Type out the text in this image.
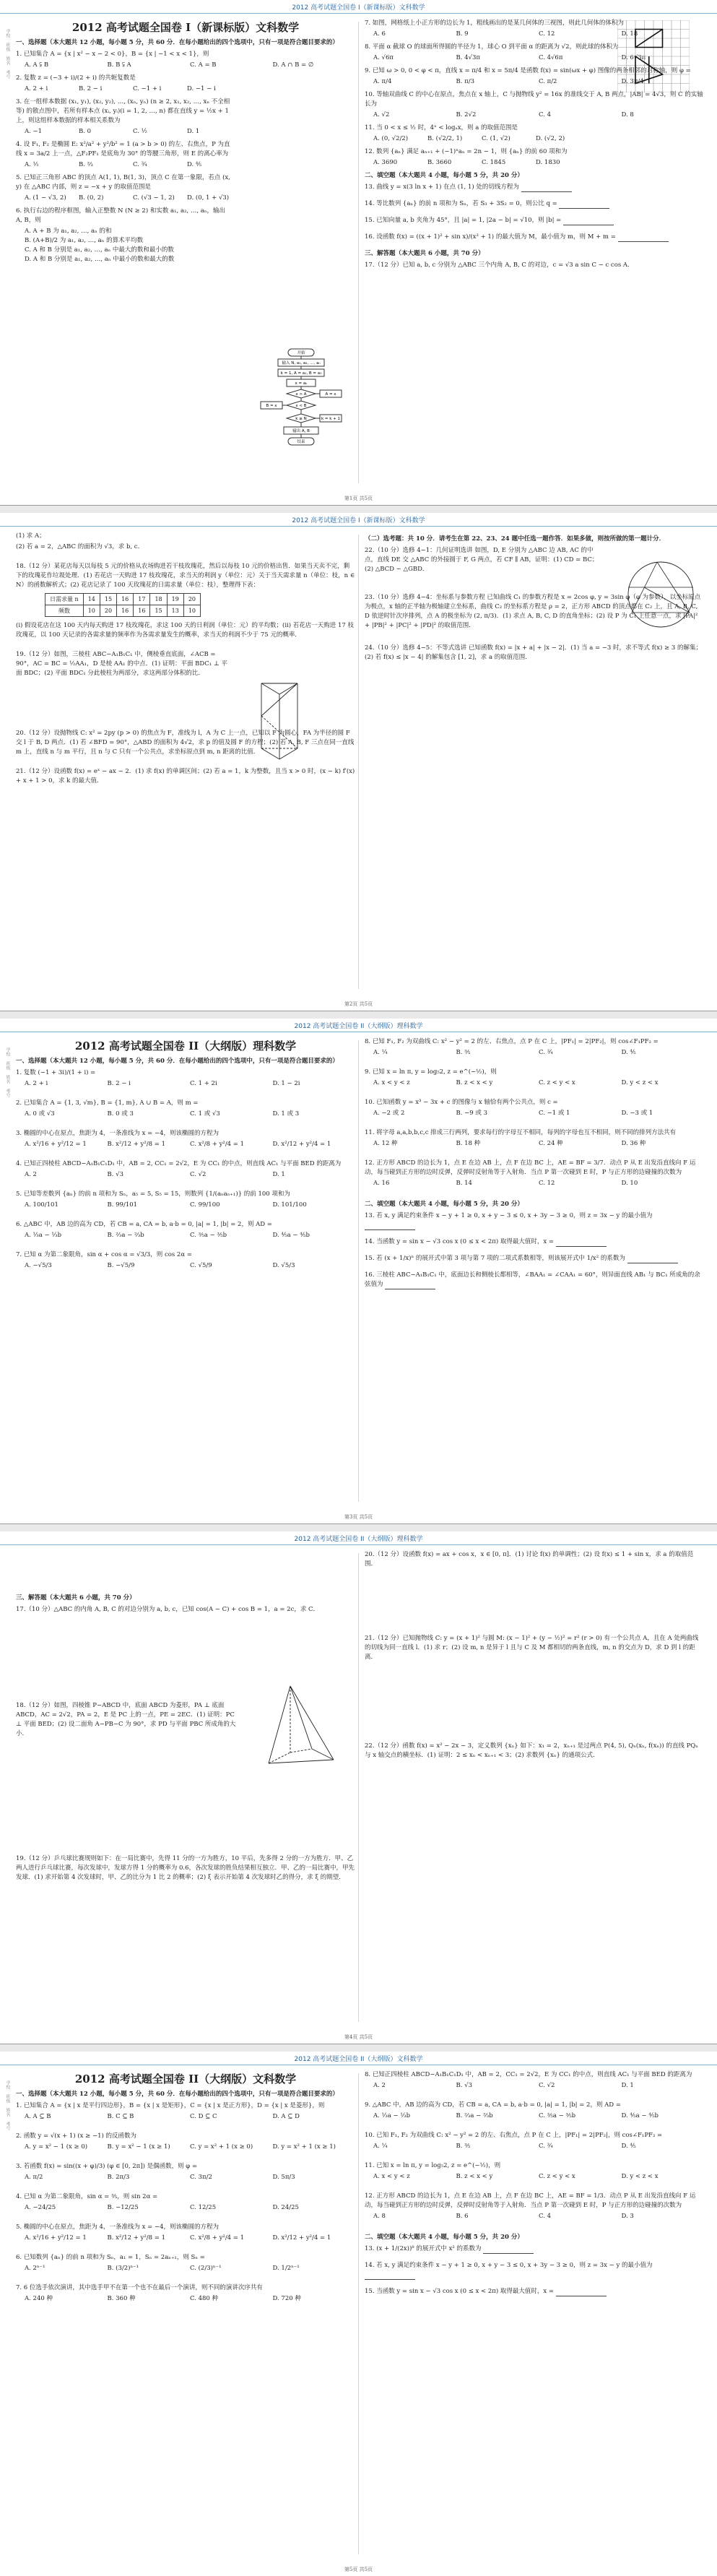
2012 高考试题全国卷 I（新课标版）文科数学
学校 班级 姓名 考号
2012 高考试题全国卷 I（新课标版）文科数学
一、选择题（本大题共 12 小题，每小题 5 分，共 60 分．在每小题给出的四个选项中，只有一项是符合题目要求的）
1. 已知集合 A = {x | x² − x − 2 < 0}，B = {x | −1 < x < 1}，则
A. A ⫋ B	B. B ⫋ A	C. A = B	D. A ∩ B = ∅
2. 复数 z = (−3 + i)/(2 + i) 的共轭复数是
A. 2 + i	B. 2 − i	C. −1 + i	D. −1 − i
3. 在一组样本数据 (x₁, y₁), (x₂, y₂), …, (xₙ, yₙ) (n ≥ 2, x₁, x₂, …, xₙ 不全相等) 的散点图中，若所有样本点 (xᵢ, yᵢ)(i = 1, 2, …, n) 都在直线 y = ½x + 1 上，则这组样本数据的样本相关系数为
A. −1	B. 0	C. ½	D. 1
4. 设 F₁, F₂ 是椭圆 E: x²/a² + y²/b² = 1 (a > b > 0) 的左、右焦点，P 为直线 x = 3a/2 上一点，△F₂PF₁ 是底角为 30° 的等腰三角形，则 E 的离心率为
A. ½	B. ⅔	C. ¾	D. ⅘
5. 已知正三角形 ABC 的顶点 A(1, 1), B(1, 3)，顶点 C 在第一象限，若点 (x, y) 在 △ABC 内部，则 z = −x + y 的取值范围是
A. (1 − √3, 2)	B. (0, 2)	C. (√3 − 1, 2)	D. (0, 1 + √3)
6. 执行右边的程序框图，输入正整数 N (N ≥ 2) 和实数 a₁, a₂, …, aₙ，输出 A, B，则
A. A + B 为 a₁, a₂, …, aₙ 的和
B. (A+B)/2 为 a₁, a₂, …, aₙ 的算术平均数
C. A 和 B 分别是 a₁, a₂, …, aₙ 中最大的数和最小的数
D. A 和 B 分别是 a₁, a₂, …, aₙ 中最小的数和最大的数
开始
输入 N, a₁, a₂, …, aₙ
k = 1, A = a₁, B = a₁
x = aₖ
x > A	A = x
x < B
B = x
k ≥ N	k = k + 1
输出 A, B
结束
7. 如图，网格纸上小正方形的边长为 1，粗线画出的是某几何体的三视图，则此几何体的体积为
A. 6	B. 9	C. 12	D. 18
8. 平面 α 截球 O 的球面所得圆的半径为 1，球心 O 到平面 α 的距离为 √2，则此球的体积为
A. √6π	B. 4√3π	C. 4√6π	D. 6√3π
9. 已知 ω > 0, 0 < φ < π，直线 x = π/4 和 x = 5π/4 是函数 f(x) = sin(ωx + φ) 图像的两条相邻的对称轴，则 φ =
A. π/4	B. π/3	C. π/2	D. 3π/4
10. 等轴双曲线 C 的中心在原点，焦点在 x 轴上，C 与抛物线 y² = 16x 的准线交于 A, B 两点，|AB| = 4√3，则 C 的实轴长为
A. √2	B. 2√2	C. 4	D. 8
11. 当 0 < x ≤ ½ 时，4ˣ < logₐx，则 a 的取值范围是
A. (0, √2/2)	B. (√2/2, 1)	C. (1, √2)	D. (√2, 2)
12. 数列 {aₙ} 满足 aₙ₊₁ + (−1)ⁿaₙ = 2n − 1，则 {aₙ} 的前 60 项和为
A. 3690	B. 3660	C. 1845	D. 1830
二、填空题（本大题共 4 小题，每小题 5 分，共 20 分）
13. 曲线 y = x(3 ln x + 1) 在点 (1, 1) 处的切线方程为
14. 等比数列 {aₙ} 的前 n 项和为 Sₙ，若 S₃ + 3S₂ = 0，则公比 q =
15. 已知向量 a, b 夹角为 45°，且 |a| = 1, |2a − b| = √10，则 |b| =
16. 设函数 f(x) = ((x + 1)² + sin x)/(x² + 1) 的最大值为 M，最小值为 m，则 M + m =
三、解答题（本大题共 6 小题，共 70 分）
17.（12 分）已知 a, b, c 分别为 △ABC 三个内角 A, B, C 的对边，c = √3 a sin C − c cos A．
第1页 共5页
2012 高考试题全国卷 I（新课标版）文科数学
(1) 求 A；
(2) 若 a = 2，△ABC 的面积为 √3，求 b, c．
18.（12 分）某花店每天以每枝 5 元的价格从农场购进若干枝玫瑰花，然后以每枝 10 元的价格出售．如果当天卖不完，剩下的玫瑰花作垃圾处理．(1) 若花店一天购进 17 枝玫瑰花，求当天的利润 y（单位：元）关于当天需求量 n（单位：枝，n ∈ N）的函数解析式；(2) 花店记录了 100 天玫瑰花的日需求量（单位：枝），整理得下表：
日需求量 n	14	15	16	17	18	19	20
频数	10	20	16	16	15	13	10
(i) 假设花店在这 100 天内每天购进 17 枝玫瑰花，求这 100 天的日利润（单位：元）的平均数；(ii) 若花店一天购进 17 枝玫瑰花，以 100 天记录的各需求量的频率作为各需求量发生的概率，求当天的利润不少于 75 元的概率．
19.（12 分）如图，三棱柱 ABC−A₁B₁C₁ 中，侧棱垂直底面，∠ACB = 90°，AC = BC = ½AA₁，D 是棱 AA₁ 的中点．(1) 证明：平面 BDC₁ ⊥ 平面 BDC；(2) 平面 BDC₁ 分此棱柱为两部分，求这两部分体积的比．
20.（12 分）设抛物线 C: x² = 2py (p > 0) 的焦点为 F，准线为 l，A 为 C 上一点，已知以 F 为圆心，FA 为半径的圆 F 交 l 于 B, D 两点．(1) 若 ∠BFD = 90°，△ABD 的面积为 4√2，求 p 的值及圆 F 的方程；(2) 若 A, B, F 三点在同一直线 m 上，直线 n 与 m 平行，且 n 与 C 只有一个公共点，求坐标原点到 m, n 距离的比值．
21.（12 分）设函数 f(x) = eˣ − ax − 2．(1) 求 f(x) 的单调区间；(2) 若 a = 1，k 为整数，且当 x > 0 时，(x − k) f′(x) + x + 1 > 0，求 k 的最大值．
（二）选考题：共 10 分．请考生在第 22、23、24 题中任选一题作答．如果多做，则按所做的第一题计分．
22.（10 分）选修 4−1：几何证明选讲 如图，D, E 分别为 △ABC 边 AB, AC 的中点，直线 DE 交 △ABC 的外接圆于 F, G 两点，若 CF ∥ AB，证明：(1) CD = BC；(2) △BCD ∽ △GBD．
23.（10 分）选修 4−4：坐标系与参数方程 已知曲线 C₁ 的参数方程是 x = 2cos φ, y = 3sin φ（φ 为参数），以坐标原点为极点，x 轴的正半轴为极轴建立坐标系，曲线 C₂ 的坐标系方程是 ρ = 2，正方形 ABCD 的顶点都在 C₂ 上，且 A, B, C, D 依逆时针次序排列，点 A 的极坐标为 (2, π/3)．(1) 求点 A, B, C, D 的直角坐标；(2) 设 P 为 C₁ 上任意一点，求 |PA|² + |PB|² + |PC|² + |PD|² 的取值范围．
24.（10 分）选修 4−5：不等式选讲 已知函数 f(x) = |x + a| + |x − 2|．(1) 当 a = −3 时，求不等式 f(x) ≥ 3 的解集；(2) 若 f(x) ≤ |x − 4| 的解集包含 [1, 2]，求 a 的取值范围．
第2页 共5页
2012 高考试题全国卷 II（大纲版）理科数学
学校 班级 姓名 考号
2012 高考试题全国卷 II（大纲版）理科数学
一、选择题（本大题共 12 小题，每小题 5 分，共 60 分．在每小题给出的四个选项中，只有一项是符合题目要求的）
1. 复数 (−1 + 3i)/(1 + i) =
A. 2 + i	B. 2 − i	C. 1 + 2i	D. 1 − 2i
2. 已知集合 A = {1, 3, √m}, B = {1, m}, A ∪ B = A，则 m =
A. 0 或 √3	B. 0 或 3	C. 1 或 √3	D. 1 或 3
3. 椭圆的中心在原点，焦距为 4，一条准线为 x = −4，则该椭圆的方程为
A. x²/16 + y²/12 = 1	B. x²/12 + y²/8 = 1	C. x²/8 + y²/4 = 1	D. x²/12 + y²/4 = 1
4. 已知正四棱柱 ABCD−A₁B₁C₁D₁ 中，AB = 2, CC₁ = 2√2，E 为 CC₁ 的中点，则直线 AC₁ 与平面 BED 的距离为
A. 2	B. √3	C. √2	D. 1
5. 已知等差数列 {aₙ} 的前 n 项和为 Sₙ，a₅ = 5, S₅ = 15，则数列 {1/(aₙaₙ₊₁)} 的前 100 项和为
A. 100/101	B. 99/101	C. 99/100	D. 101/100
6. △ABC 中，AB 边的高为 CD，若 CB = a, CA = b, a·b = 0, |a| = 1, |b| = 2，则 AD =
A. ⅓a − ⅓b	B. ⅔a − ⅔b	C. ⅗a − ⅗b	D. ⅘a − ⅘b
7. 已知 α 为第二象限角，sin α + cos α = √3/3，则 cos 2α =
A. −√5/3	B. −√5/9	C. √5/9	D. √5/3
8. 已知 F₁, F₂ 为双曲线 C: x² − y² = 2 的左、右焦点，点 P 在 C 上，|PF₁| = 2|PF₂|，则 cos∠F₁PF₂ =
A. ¼	B. ⅗	C. ¾	D. ⅘
9. 已知 x = ln π, y = log₅2, z = e^(−½)，则
A. x < y < z	B. z < x < y	C. z < y < x	D. y < z < x
10. 已知函数 y = x³ − 3x + c 的图像与 x 轴恰有两个公共点，则 c =
A. −2 或 2	B. −9 或 3	C. −1 或 1	D. −3 或 1
11. 将字母 a,a,b,b,c,c 排成三行两列，要求每行的字母互不相同，每列的字母也互不相同，则不同的排列方法共有
A. 12 种	B. 18 种	C. 24 种	D. 36 种
12. 正方形 ABCD 的边长为 1，点 E 在边 AB 上，点 F 在边 BC 上，AE = BF = 3/7．动点 P 从 E 出发沿直线向 F 运动，每当碰到正方形的边时反弹，反弹时反射角等于入射角．当点 P 第一次碰到 E 时，P 与正方形的边碰撞的次数为
A. 16	B. 14	C. 12	D. 10
二、填空题（本大题共 4 小题，每小题 5 分，共 20 分）
13. 若 x, y 满足约束条件 x − y + 1 ≥ 0, x + y − 3 ≤ 0, x + 3y − 3 ≥ 0，则 z = 3x − y 的最小值为
14. 当函数 y = sin x − √3 cos x (0 ≤ x < 2π) 取得最大值时，x =
15. 若 (x + 1/x)ⁿ 的展开式中第 3 项与第 7 项的二项式系数相等，则该展开式中 1/x² 的系数为
16. 三棱柱 ABC−A₁B₁C₁ 中，底面边长和侧棱长都相等，∠BAA₁ = ∠CAA₁ = 60°，则异面直线 AB₁ 与 BC₁ 所成角的余弦值为
第3页 共5页
2012 高考试题全国卷 II（大纲版）理科数学
三、解答题（本大题共 6 小题，共 70 分）
17.（10 分）△ABC 的内角 A, B, C 的对边分别为 a, b, c，已知 cos(A − C) + cos B = 1，a = 2c，求 C．
18.（12 分）如图，四棱锥 P−ABCD 中，底面 ABCD 为菱形，PA ⊥ 底面 ABCD，AC = 2√2，PA = 2，E 是 PC 上的一点，PE = 2EC．(1) 证明：PC ⊥ 平面 BED；(2) 设二面角 A−PB−C 为 90°，求 PD 与平面 PBC 所成角的大小．
19.（12 分）乒乓球比赛规则如下：在一局比赛中，先得 11 分的一方为胜方，10 平后，先多得 2 分的一方为胜方．甲、乙两人进行乒乓球比赛，每次发球中，发球方得 1 分的概率为 0.6，各次发球的胜负结果相互独立．甲、乙的一局比赛中，甲先发球．(1) 求开始第 4 次发球时，甲、乙的比分为 1 比 2 的概率；(2) ξ 表示开始第 4 次发球时乙的得分，求 ξ 的期望．
20.（12 分）设函数 f(x) = ax + cos x，x ∈ [0, π]．(1) 讨论 f(x) 的单调性；(2) 设 f(x) ≤ 1 + sin x，求 a 的取值范围．
21.（12 分）已知抛物线 C: y = (x + 1)² 与圆 M: (x − 1)² + (y − ½)² = r² (r > 0) 有一个公共点 A，且在 A 处两曲线的切线为同一直线 l．(1) 求 r；(2) 设 m, n 是异于 l 且与 C 及 M 都相切的两条直线，m, n 的交点为 D，求 D 到 l 的距离．
22.（12 分）函数 f(x) = x² − 2x − 3，定义数列 {xₙ} 如下：x₁ = 2，xₙ₊₁ 是过两点 P(4, 5), Qₙ(xₙ, f(xₙ)) 的直线 PQₙ 与 x 轴交点的横坐标．(1) 证明：2 ≤ xₙ < xₙ₊₁ < 3；(2) 求数列 {xₙ} 的通项公式．
第4页 共5页
2012 高考试题全国卷 II（大纲版）文科数学
学校 班级 姓名 考号
2012 高考试题全国卷 II（大纲版）文科数学
一、选择题（本大题共 12 小题，每小题 5 分，共 60 分．在每小题给出的四个选项中，只有一项是符合题目要求的）
1. 已知集合 A = {x | x 是平行四边形}，B = {x | x 是矩形}，C = {x | x 是正方形}，D = {x | x 是菱形}，则
A. A ⊆ B	B. C ⊆ B	C. D ⊆ C	D. A ⊆ D
2. 函数 y = √(x + 1) (x ≥ −1) 的反函数为
A. y = x² − 1 (x ≥ 0)	B. y = x² − 1 (x ≥ 1)	C. y = x² + 1 (x ≥ 0)	D. y = x² + 1 (x ≥ 1)
3. 若函数 f(x) = sin((x + φ)/3) (φ ∈ [0, 2π]) 是偶函数，则 φ =
A. π/2	B. 2π/3	C. 3π/2	D. 5π/3
4. 已知 α 为第二象限角，sin α = ⅗，则 sin 2α =
A. −24/25	B. −12/25	C. 12/25	D. 24/25
5. 椭圆的中心在原点，焦距为 4，一条准线为 x = −4，则该椭圆的方程为
A. x²/16 + y²/12 = 1	B. x²/12 + y²/8 = 1	C. x²/8 + y²/4 = 1	D. x²/12 + y²/4 = 1
6. 已知数列 {aₙ} 的前 n 项和为 Sₙ，a₁ = 1，Sₙ = 2aₙ₊₁，则 Sₙ =
A. 2ⁿ⁻¹	B. (3/2)ⁿ⁻¹	C. (2/3)ⁿ⁻¹	D. 1/2ⁿ⁻¹
7. 6 位选手依次演讲，其中选手甲不在第一个也不在最后一个演讲，则不同的演讲次序共有
A. 240 种	B. 360 种	C. 480 种	D. 720 种
8. 已知正四棱柱 ABCD−A₁B₁C₁D₁ 中，AB = 2，CC₁ = 2√2，E 为 CC₁ 的中点，则直线 AC₁ 与平面 BED 的距离为
A. 2	B. √3	C. √2	D. 1
9. △ABC 中，AB 边的高为 CD，若 CB = a, CA = b, a·b = 0, |a| = 1, |b| = 2，则 AD =
A. ⅓a − ⅓b	B. ⅔a − ⅔b	C. ⅗a − ⅗b	D. ⅘a − ⅘b
10. 已知 F₁, F₂ 为双曲线 C: x² − y² = 2 的左、右焦点，点 P 在 C 上，|PF₁| = 2|PF₂|，则 cos∠F₁PF₂ =
A. ¼	B. ⅗	C. ¾	D. ⅘
11. 已知 x = ln π, y = log₅2, z = e^(−½)，则
A. x < y < z	B. z < x < y	C. z < y < x	D. y < z < x
12. 正方形 ABCD 的边长为 1，点 E 在边 AB 上，点 F 在边 BC 上，AE = BF = 1/3．动点 P 从 E 出发沿直线向 F 运动，每当碰到正方形的边时反弹，反弹时反射角等于入射角．当点 P 第一次碰到 E 时，P 与正方形的边碰撞的次数为
A. 8	B. 6	C. 4	D. 3
二、填空题（本大题共 4 小题，每小题 5 分，共 20 分）
13. (x + 1/(2x))⁸ 的展开式中 x² 的系数为
14. 若 x, y 满足约束条件 x − y + 1 ≥ 0, x + y − 3 ≤ 0, x + 3y − 3 ≥ 0，则 z = 3x − y 的最小值为
15. 当函数 y = sin x − √3 cos x (0 ≤ x < 2π) 取得最大值时，x =
第5页 共5页
